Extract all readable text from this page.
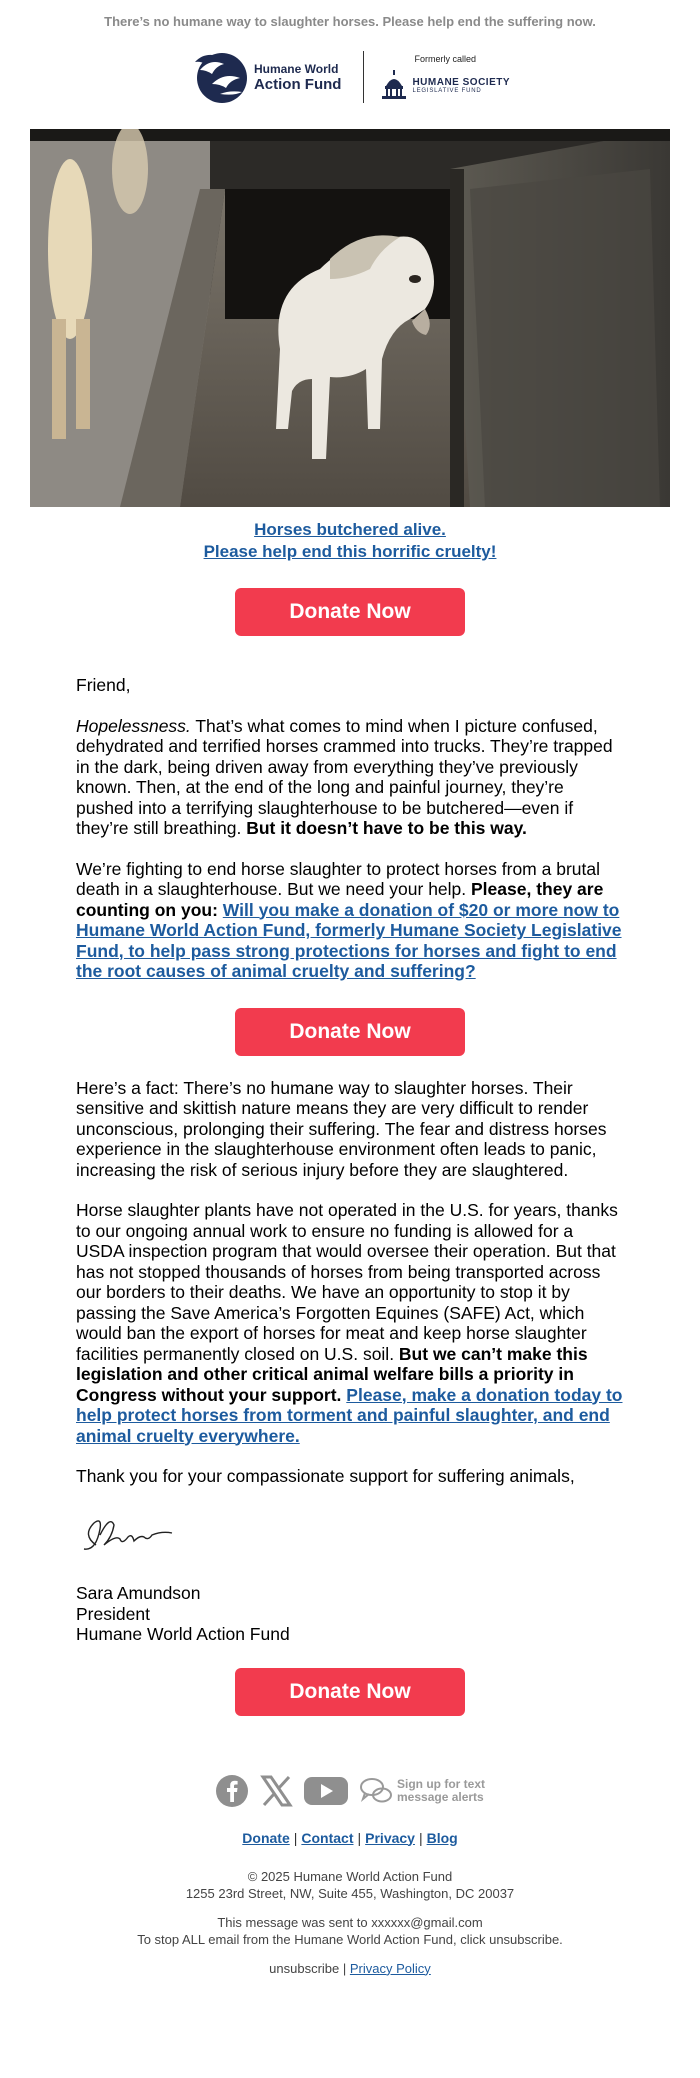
There’s no humane way to slaughter horses. Please help end the suffering now.
Humane World
Action Fund
Formerly called
HUMANE SOCIETY
LEGISLATIVE FUND
Horses butchered alive.
Please help end this horrific cruelty!
Donate Now

Friend,

Hopelessness. That’s what comes to mind when I picture confused, dehydrated and terrified horses crammed into trucks. They’re trapped in the dark, being driven away from everything they’ve previously known. Then, at the end of the long and painful journey, they’re pushed into a terrifying slaughterhouse to be butchered—even if they’re still breathing. But it doesn’t have to be this way.

We’re fighting to end horse slaughter to protect horses from a brutal death in a slaughterhouse. But we need your help. Please, they are counting on you: Will you make a donation of $20 or more now to Humane World Action Fund, formerly Humane Society Legislative Fund, to help pass strong protections for horses and fight to end the root causes of animal cruelty and suffering?

Donate Now

Here’s a fact: There’s no humane way to slaughter horses. Their sensitive and skittish nature means they are very difficult to render unconscious, prolonging their suffering. The fear and distress horses experience in the slaughterhouse environment often leads to panic, increasing the risk of serious injury before they are slaughtered.

Horse slaughter plants have not operated in the U.S. for years, thanks to our ongoing annual work to ensure no funding is allowed for a USDA inspection program that would oversee their operation. But that has not stopped thousands of horses from being transported across our borders to their deaths. We have an opportunity to stop it by passing the Save America’s Forgotten Equines (SAFE) Act, which would ban the export of horses for meat and keep horse slaughter facilities permanently closed on U.S. soil. But we can’t make this legislation and other critical animal welfare bills a priority in Congress without your support. Please, make a donation today to help protect horses from torment and painful slaughter, and end animal cruelty everywhere.

Thank you for your compassionate support for suffering animals,

Sara Amundson

President

Humane World Action Fund

Donate Now
Sign up for text
message alerts
Donate | Contact | Privacy | Blog
© 2025 Humane World Action Fund
1255 23rd Street, NW, Suite 455, Washington, DC 20037
This message was sent to xxxxxx@gmail.com
To stop ALL email from the Humane World Action Fund, click unsubscribe.
unsubscribe | Privacy Policy
